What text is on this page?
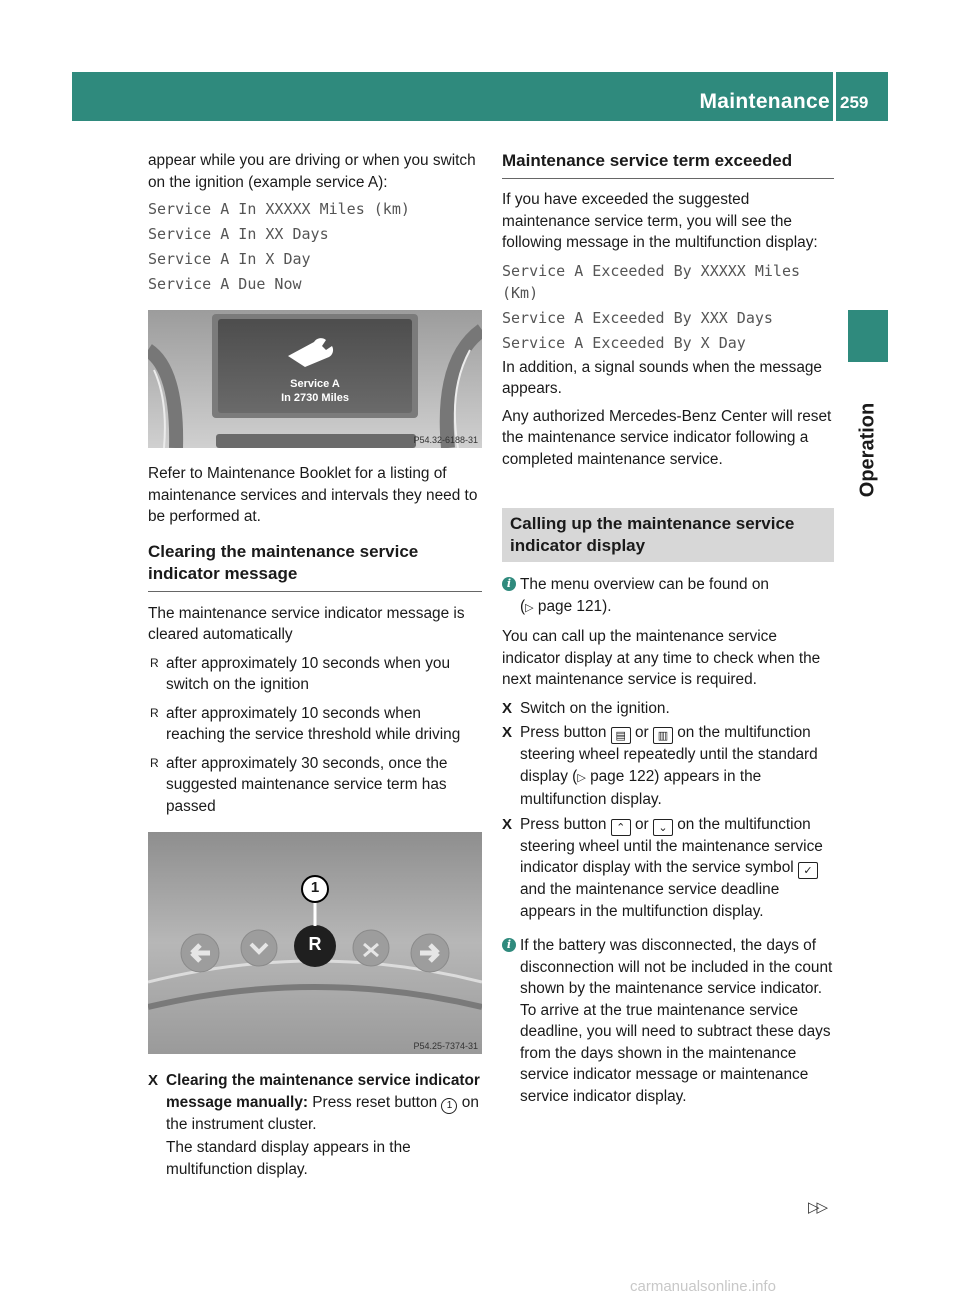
Maintenance 259
Operation

appear while you are driving or when you switch on the ignition (example service A):

Service A In XXXXX Miles (km)

Service A In XX Days

Service A In X Day

Service A Due Now

Service A
In 2730 Miles
P54.32-6188-31

Refer to Maintenance Booklet for a listing of maintenance services and intervals they need to be performed at.

Clearing the maintenance service indicator message

The maintenance service indicator message is cleared automatically

R after approximately 10 seconds when you switch on the ignition
R after approximately 10 seconds when reaching the service threshold while driving
R after approximately 30 seconds, once the suggested maintenance service term has passed
1
R
P54.25-7374-31
X Clearing the maintenance service indicator message manually: Press reset button 1 on the instrument cluster.

The standard display appears in the multifunction display.

Maintenance service term exceeded

If you have exceeded the suggested maintenance service term, you will see the following message in the multifunction display:

Service A Exceeded By XXXXX Miles (Km)

Service A Exceeded By XXX Days

Service A Exceeded By X Day

In addition, a signal sounds when the message appears.

Any authorized Mercedes-Benz Center will reset the maintenance service indicator following a completed maintenance service.

Calling up the maintenance service indicator display
i The menu overview can be found on
(▷ page 121).

You can call up the maintenance service indicator display at any time to check when the next maintenance service is required.

X Switch on the ignition.
X Press button ▤ or ▥ on the multifunction steering wheel repeatedly until the standard display (▷ page 122) appears in the multifunction display.
X Press button ⌃ or ⌄ on the multifunction steering wheel until the maintenance service indicator display with the service symbol ✓ and the maintenance service deadline appears in the multifunction display.
i If the battery was disconnected, the days of disconnection will not be included in the count shown by the maintenance service indicator. To arrive at the true maintenance service deadline, you will need to subtract these days from the days shown in the maintenance service indicator message or maintenance service indicator display.
▷▷
carmanualsonline.info
